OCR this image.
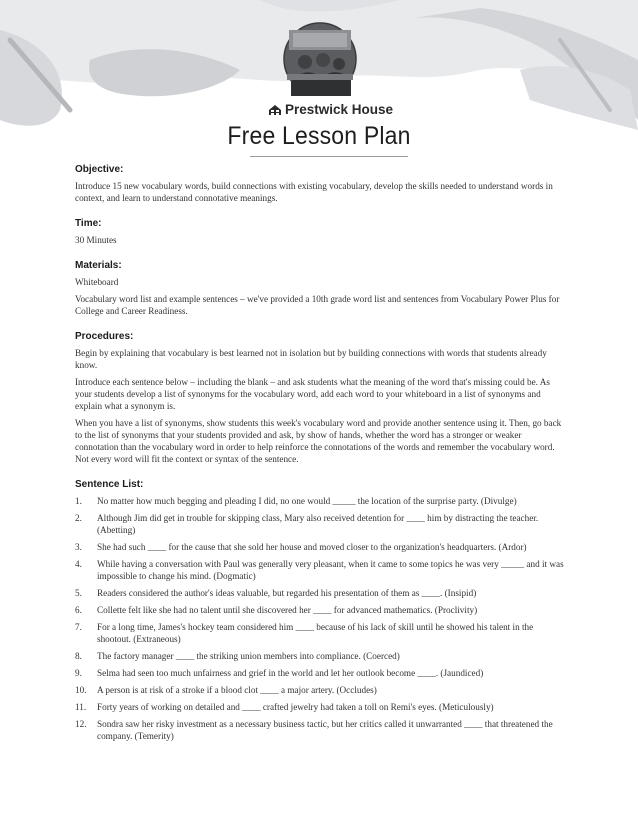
Prestwick House
Free Lesson Plan
Objective:
Introduce 15 new vocabulary words, build connections with existing vocabulary, develop the skills needed to understand words in context, and learn to understand connotative meanings.
Time:
30 Minutes
Materials:
Whiteboard
Vocabulary word list and example sentences – we've provided a 10th grade word list and sentences from Vocabulary Power Plus for College and Career Readiness.
Procedures:
Begin by explaining that vocabulary is best learned not in isolation but by building connections with words that students already know.
Introduce each sentence below – including the blank – and ask students what the meaning of the word that's missing could be. As your students develop a list of synonyms for the vocabulary word, add each word to your whiteboard in a list of synonyms and explain what a synonym is.
When you have a list of synonyms, show students this week's vocabulary word and provide another sentence using it. Then, go back to the list of synonyms that your students provided and ask, by show of hands, whether the word has a stronger or weaker connotation than the vocabulary word in order to help reinforce the connotations of the words and remember the vocabulary word. Not every word will fit the context or syntax of the sentence.
Sentence List:
1. No matter how much begging and pleading I did, no one would _____ the location of the surprise party. (Divulge)
2. Although Jim did get in trouble for skipping class, Mary also received detention for ____ him by distracting the teacher. (Abetting)
3. She had such ____ for the cause that she sold her house and moved closer to the organization's headquarters. (Ardor)
4. While having a conversation with Paul was generally very pleasant, when it came to some topics he was very _____ and it was impossible to change his mind. (Dogmatic)
5. Readers considered the author's ideas valuable, but regarded his presentation of them as ____. (Insipid)
6. Collette felt like she had no talent until she discovered her ____ for advanced mathematics. (Proclivity)
7. For a long time, James's hockey team considered him ____ because of his lack of skill until he showed his talent in the shootout. (Extraneous)
8. The factory manager ____ the striking union members into compliance. (Coerced)
9. Selma had seen too much unfairness and grief in the world and let her outlook become ____. (Jaundiced)
10. A person is at risk of a stroke if a blood clot ____ a major artery. (Occludes)
11. Forty years of working on detailed and ____ crafted jewelry had taken a toll on Remi's eyes. (Meticulously)
12. Sondra saw her risky investment as a necessary business tactic, but her critics called it unwarranted ____ that threatened the company. (Temerity)
